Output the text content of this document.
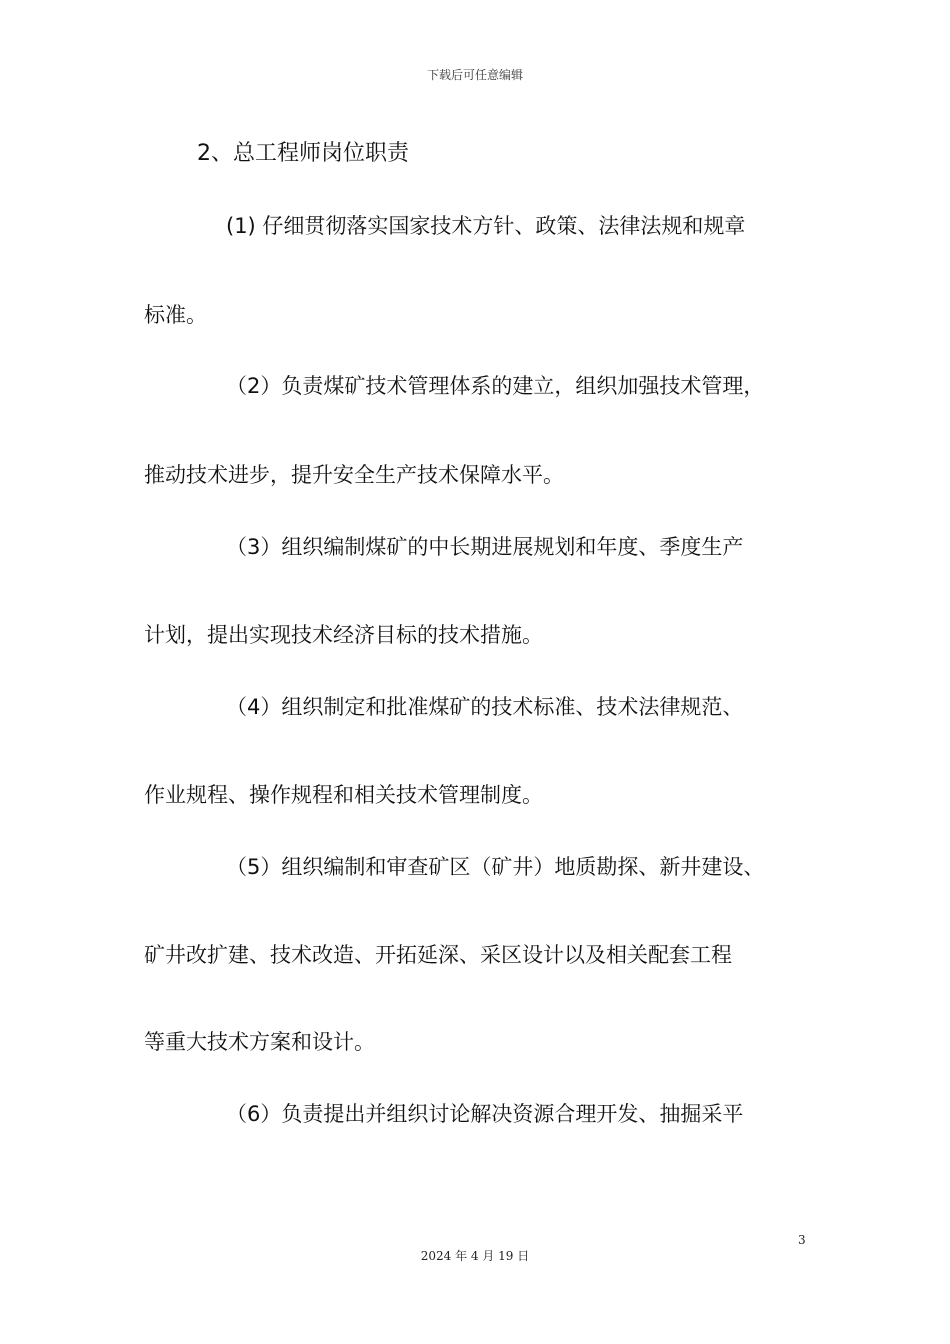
下载后可任意编辑
2、总工程师岗位职责
(1) 仔细贯彻落实国家技术方针、政策、法律法规和规章
标准。
（2）负责煤矿技术管理体系的建立，组织加强技术管理，
推动技术进步，提升安全生产技术保障水平。
（3）组织编制煤矿的中长期进展规划和年度、季度生产
计划，提出实现技术经济目标的技术措施。
（4）组织制定和批准煤矿的技术标准、技术法律规范、
作业规程、操作规程和相关技术管理制度。
（5）组织编制和审查矿区（矿井）地质勘探、新井建设、
矿井改扩建、技术改造、开拓延深、采区设计以及相关配套工程
等重大技术方案和设计。
（6）负责提出并组织讨论解决资源合理开发、抽掘采平
3
2024 年 4 月 19 日
